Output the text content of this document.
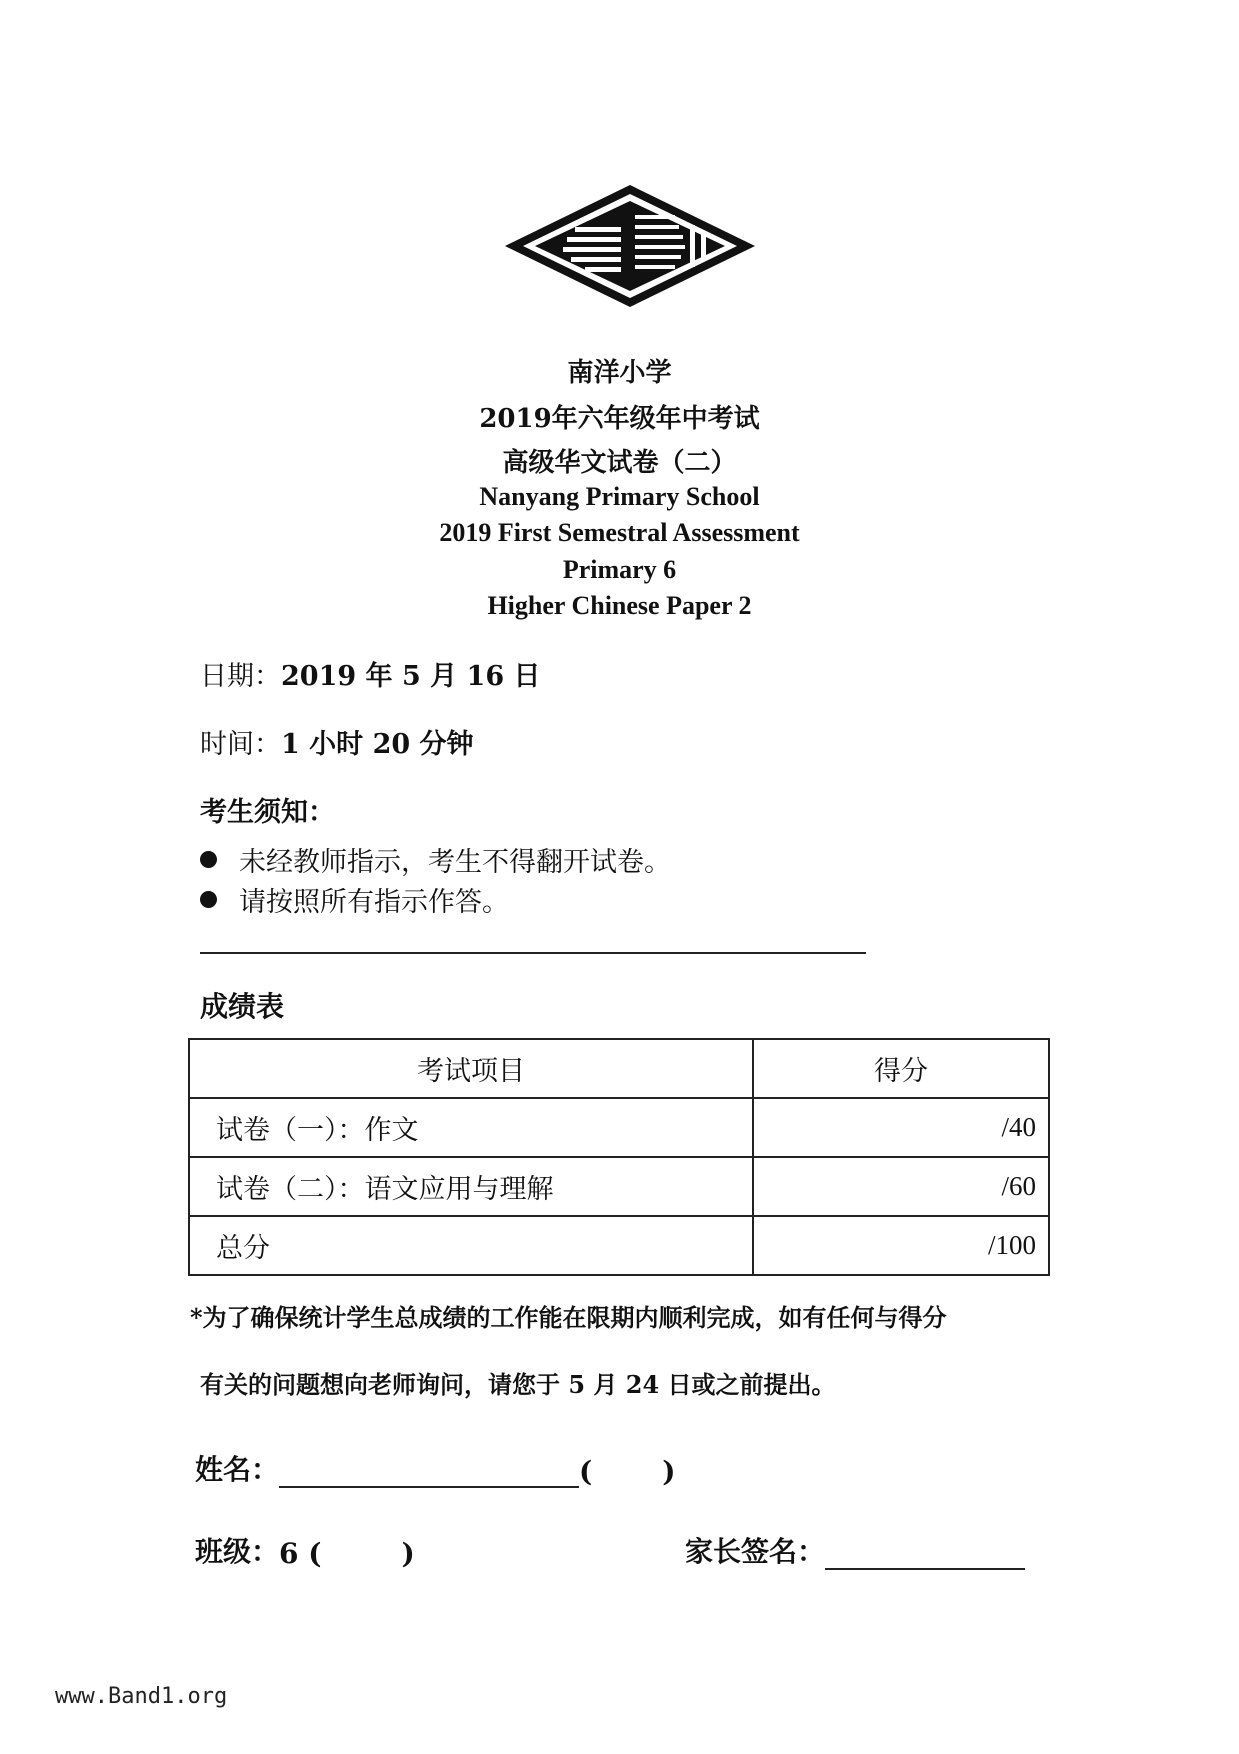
南洋小学
2019年六年级年中考试
高级华文试卷（二）
Nanyang Primary School
2019 First Semestral Assessment
Primary 6
Higher Chinese Paper 2
日期：2019 年 5 月 16 日
时间：1 小时 20 分钟
考生须知：
未经教师指示，考生不得翻开试卷。
请按照所有指示作答。
成绩表
考试项目	得分
试卷（一）：作文	/40
试卷（二）：语文应用与理解	/60
总分	/100
*为了确保统计学生总成绩的工作能在限期内顺利完成，如有任何与得分
有关的问题想向老师询问，请您于 5 月 24 日或之前提出。
姓名：	(	)
班级： 6 (	)	家长签名：
www.Band1.org
